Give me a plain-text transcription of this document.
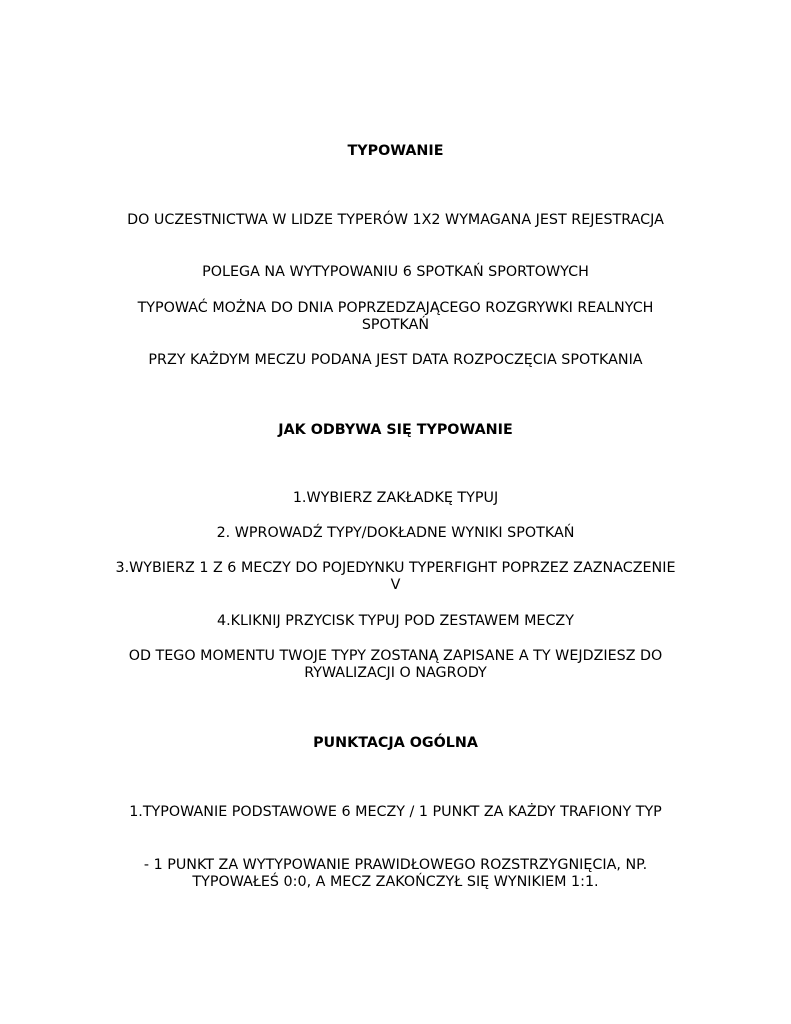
TYPOWANIE
DO UCZESTNICTWA W LIDZE TYPERÓW 1X2 WYMAGANA JEST REJESTRACJA
POLEGA NA WYTYPOWANIU 6 SPOTKAŃ SPORTOWYCH
TYPOWAĆ MOŻNA DO DNIA POPRZEDZAJĄCEGO ROZGRYWKI REALNYCH SPOTKAŃ
PRZY KAŻDYM MECZU PODANA JEST DATA ROZPOCZĘCIA SPOTKANIA
JAK ODBYWA SIĘ TYPOWANIE
1.WYBIERZ ZAKŁADKĘ TYPUJ
2. WPROWADŹ TYPY/DOKŁADNE WYNIKI SPOTKAŃ
3.WYBIERZ 1 Z 6 MECZY DO POJEDYNKU TYPERFIGHT POPRZEZ ZAZNACZENIE V
4.KLIKNIJ PRZYCISK TYPUJ POD ZESTAWEM MECZY
OD TEGO MOMENTU TWOJE TYPY ZOSTANĄ ZAPISANE A TY WEJDZIESZ DO RYWALIZACJI O NAGRODY
PUNKTACJA OGÓLNA
1.TYPOWANIE PODSTAWOWE 6 MECZY / 1 PUNKT ZA KAŻDY TRAFIONY TYP
- 1 PUNKT ZA WYTYPOWANIE PRAWIDŁOWEGO ROZSTRZYGNIĘCIA, NP. TYPOWAŁEŚ 0:0, A MECZ ZAKOŃCZYŁ SIĘ WYNIKIEM 1:1.
